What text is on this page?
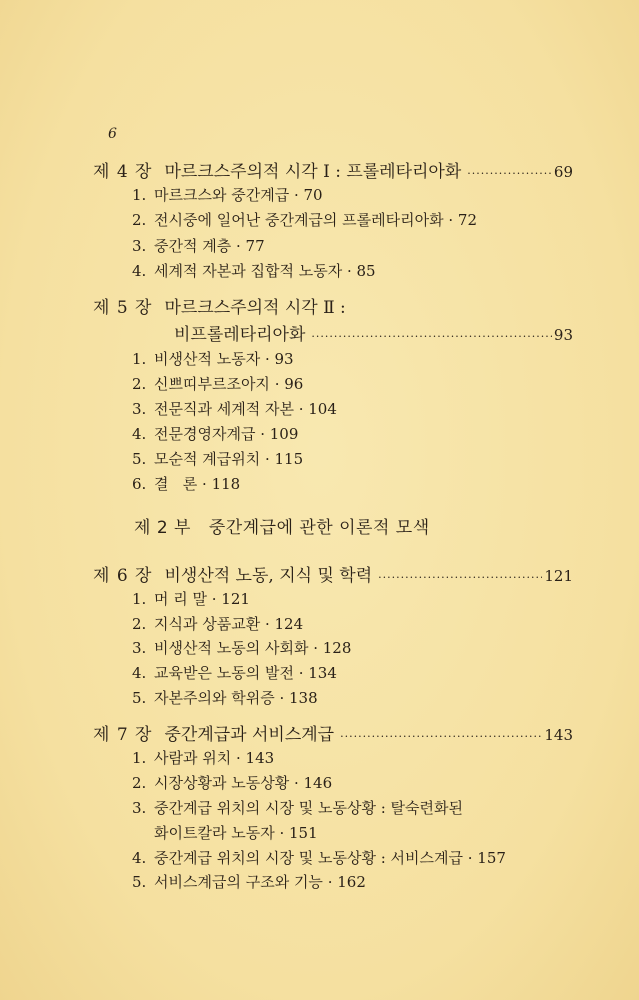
6
제 4 장 마르크스주의적 시각 I : 프롤레타리아화 ·····	69
1. 마르크스와 중간계급 · 70
2. 전시중에 일어난 중간계급의 프롤레타리아화 · 72
3. 중간적 계층 · 77
4. 세계적 자본과 집합적 노동자 · 85
제 5 장 마르크스주의적 시각 Ⅱ :
비프롤레타리아화 ·····	93
1. 비생산적 노동자 · 93
2. 신쁘띠부르조아지 · 96
3. 전문직과 세계적 자본 · 104
4. 전문경영자계급 · 109
5. 모순적 계급위치 · 115
6. 결   론 · 118
제 2 부 중간계급에 관한 이론적 모색
제 6 장 비생산적 노동, 지식 및 학력 ·····	121
1. 머 리 말 · 121
2. 지식과 상품교환 · 124
3. 비생산적 노동의 사회화 · 128
4. 교육받은 노동의 발전 · 134
5. 자본주의와 학위증 · 138
제 7 장 중간계급과 서비스계급 ·····	143
1. 사람과 위치 · 143
2. 시장상황과 노동상황 · 146
3. 중간계급 위치의 시장 및 노동상황 : 탈숙련화된
화이트칼라 노동자 · 151
4. 중간계급 위치의 시장 및 노동상황 : 서비스계급 · 157
5. 서비스계급의 구조와 기능 · 162
